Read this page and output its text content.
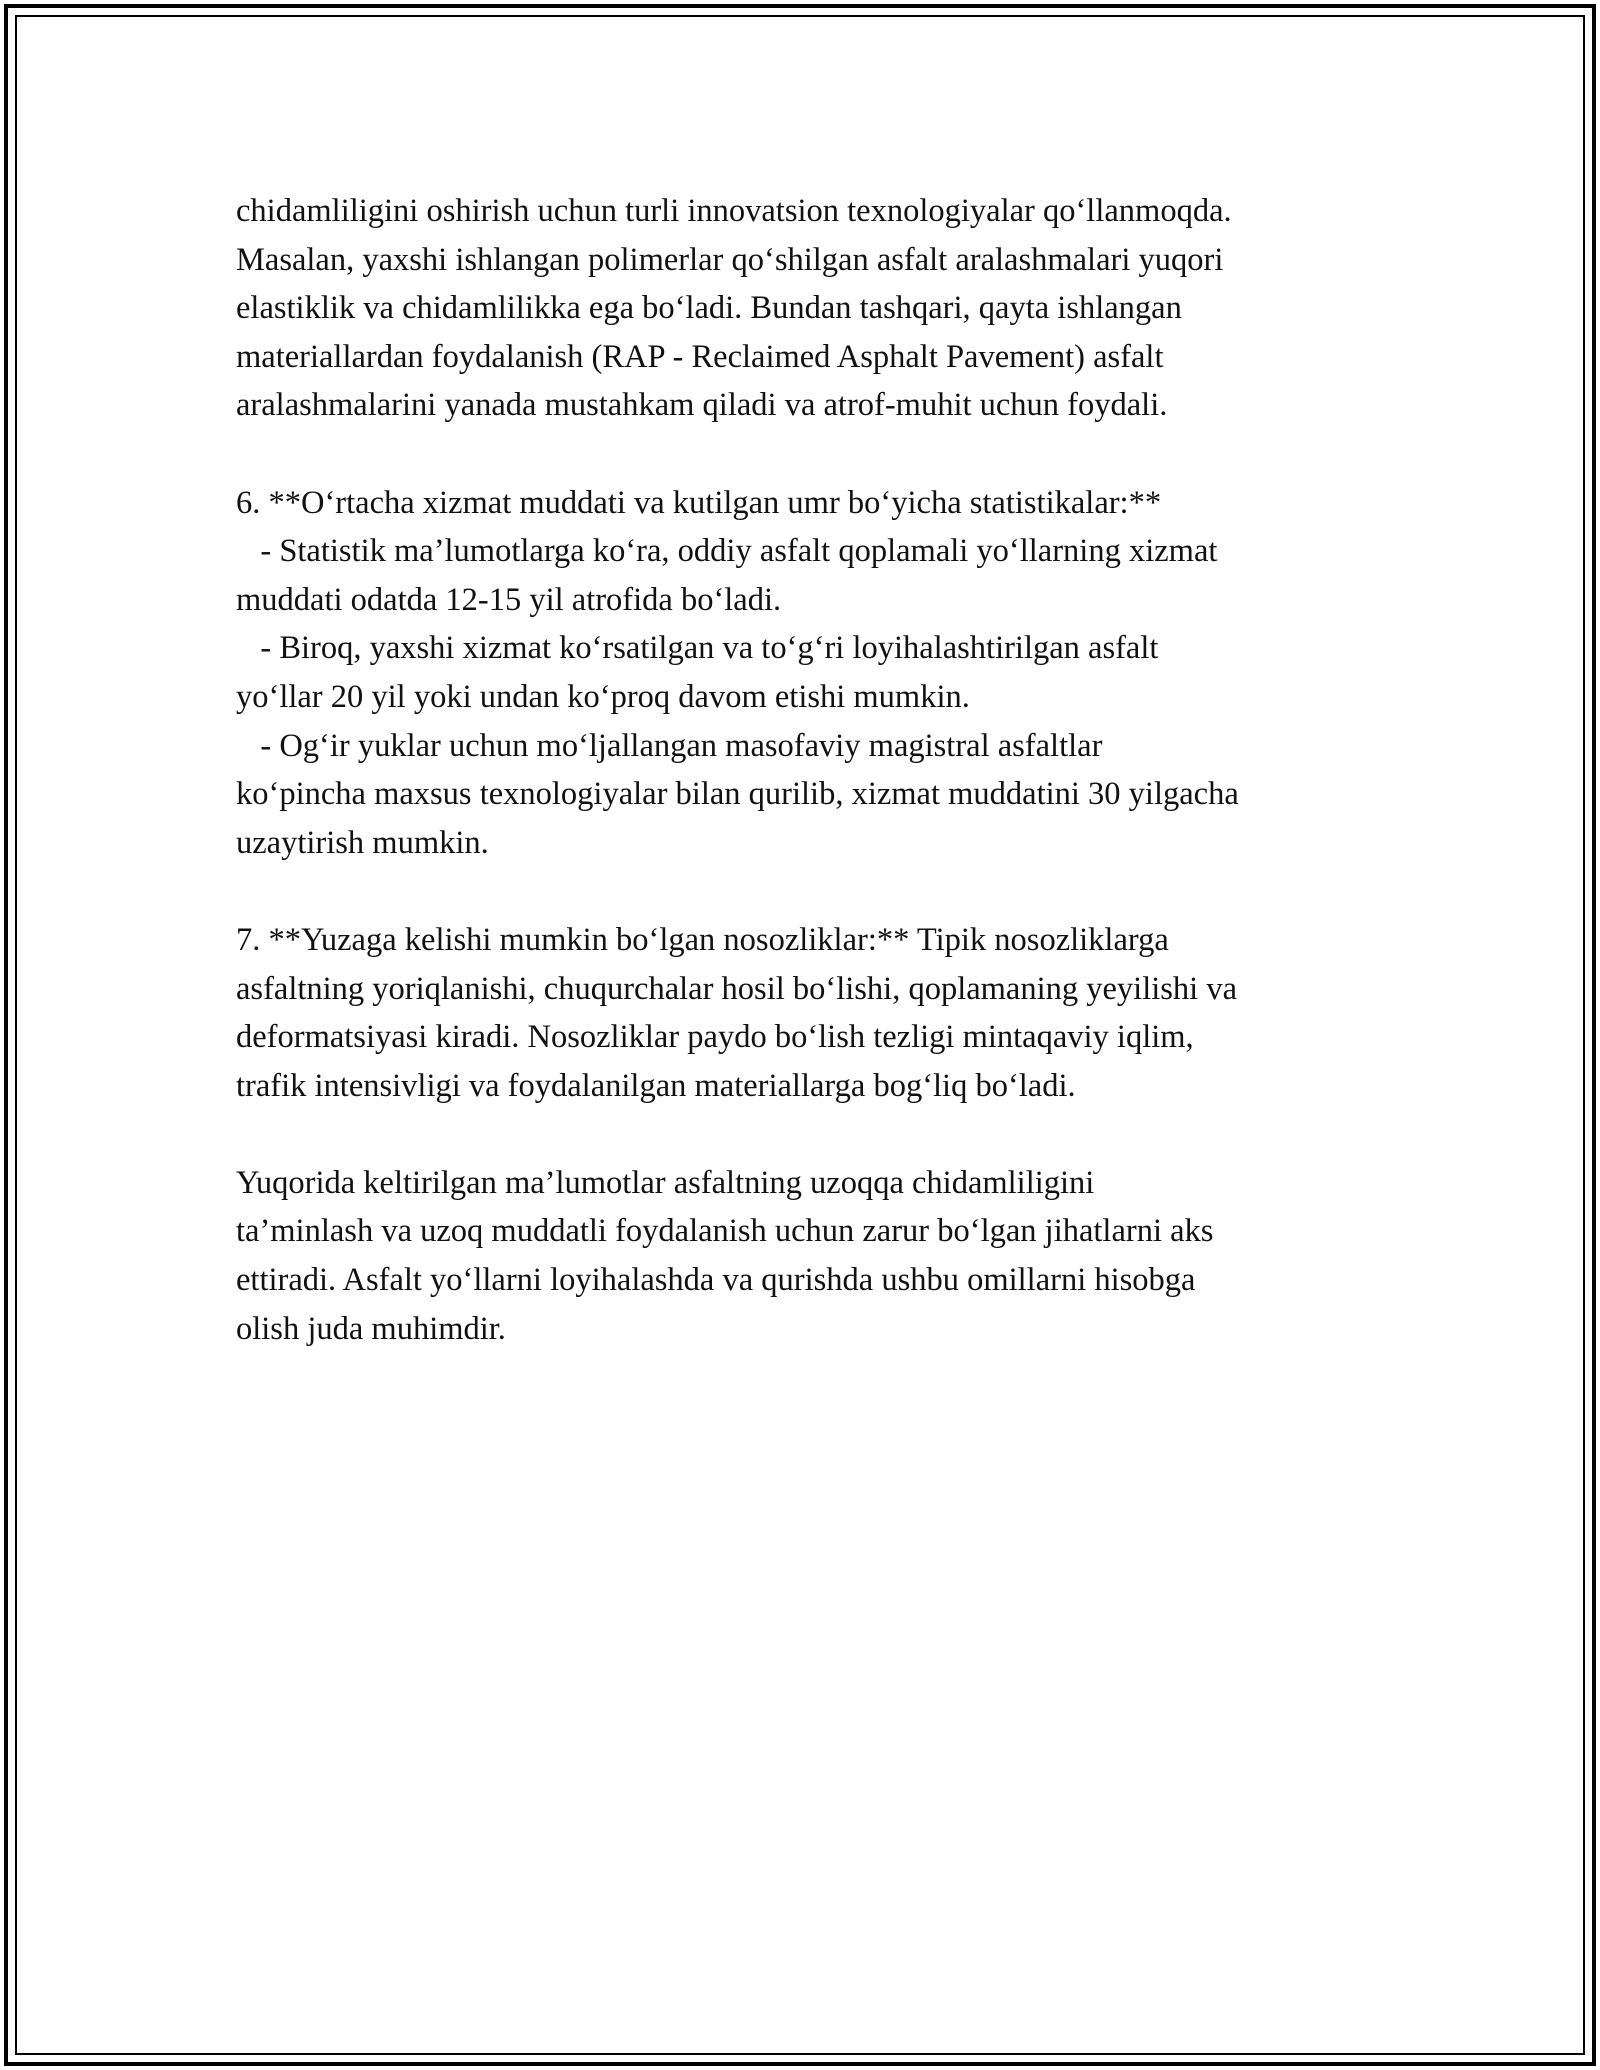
chidamliligini oshirish uchun turli innovatsion texnologiyalar qoʻllanmoqda.
Masalan, yaxshi ishlangan polimerlar qoʻshilgan asfalt aralashmalari yuqori
elastiklik va chidamlilikka ega boʻladi. Bundan tashqari, qayta ishlangan
materiallardan foydalanish (RAP - Reclaimed Asphalt Pavement) asfalt
aralashmalarini yanada mustahkam qiladi va atrof-muhit uchun foydali.
6. **Oʻrtacha xizmat muddati va kutilgan umr boʻyicha statistikalar:**
- Statistik ma’lumotlarga koʻra, oddiy asfalt qoplamali yoʻllarning xizmat
muddati odatda 12-15 yil atrofida boʻladi.
- Biroq, yaxshi xizmat koʻrsatilgan va toʻgʻri loyihalashtirilgan asfalt
yoʻllar 20 yil yoki undan koʻproq davom etishi mumkin.
- Ogʻir yuklar uchun moʻljallangan masofaviy magistral asfaltlar
koʻpincha maxsus texnologiyalar bilan qurilib, xizmat muddatini 30 yilgacha
uzaytirish mumkin.
7. **Yuzaga kelishi mumkin boʻlgan nosozliklar:** Tipik nosozliklarga
asfaltning yoriqlanishi, chuqurchalar hosil boʻlishi, qoplamaning yeyilishi va
deformatsiyasi kiradi. Nosozliklar paydo boʻlish tezligi mintaqaviy iqlim,
trafik intensivligi va foydalanilgan materiallarga bogʻliq boʻladi.
Yuqorida keltirilgan ma’lumotlar asfaltning uzoqqa chidamliligini
ta’minlash va uzoq muddatli foydalanish uchun zarur boʻlgan jihatlarni aks
ettiradi. Asfalt yoʻllarni loyihalashda va qurishda ushbu omillarni hisobga
olish juda muhimdir.
